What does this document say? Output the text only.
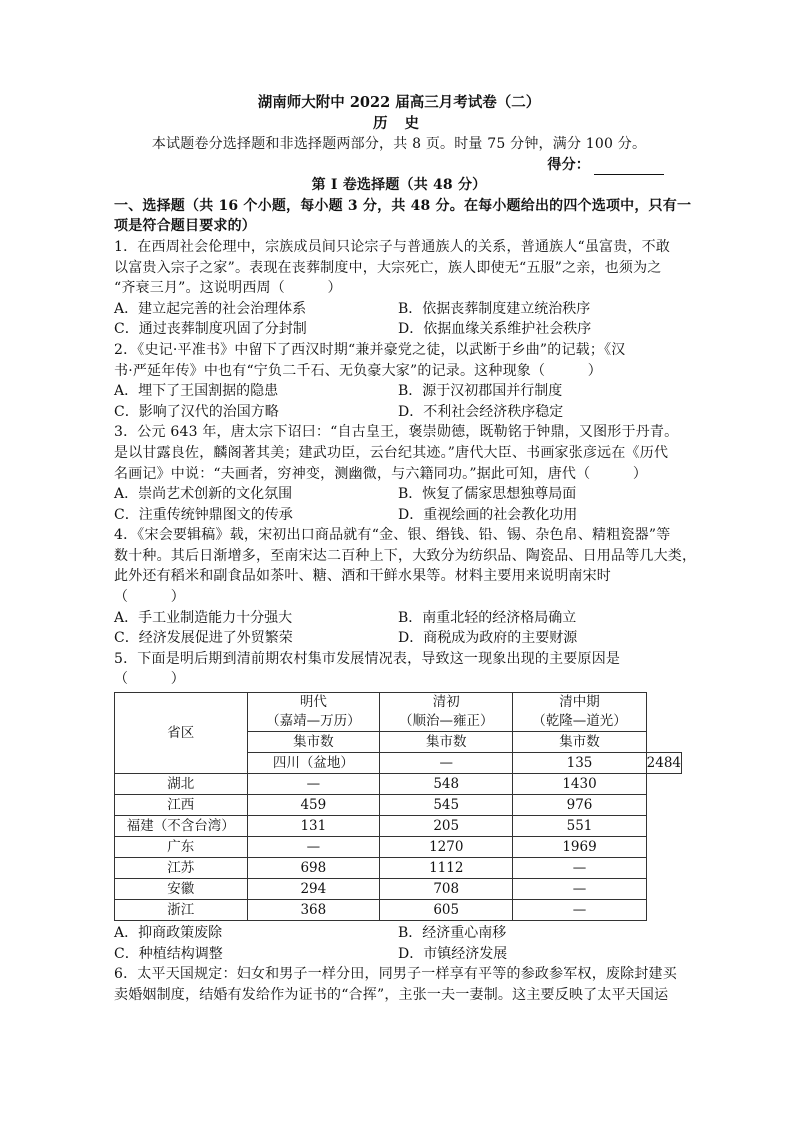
湖南师大附中 2022 届高三月考试卷（二）
历 史
本试题卷分选择题和非选择题两部分，共 8 页。时量 75 分钟，满分 100 分。
得分：
第 I 卷选择题（共 48 分）
一、选择题（共 16 个小题，每小题 3 分，共 48 分。在每小题给出的四个选项中，只有一
项是符合题目要求的）
1．在西周社会伦理中，宗族成员间只论宗子与普通族人的关系，普通族人“虽富贵，不敢
以富贵入宗子之家”。表现在丧葬制度中，大宗死亡，族人即使无“五服”之亲，也须为之
“齐衰三月”。这说明西周（　　　）
A．建立起完善的社会治理体系	B．依据丧葬制度建立统治秩序
C．通过丧葬制度巩固了分封制	D．依据血缘关系维护社会秩序
2．《史记·平准书》中留下了西汉时期“兼并豪党之徒，以武断于乡曲”的记载；《汉
书·严延年传》中也有“宁负二千石、无负豪大家”的记录。这种现象（　　　）
A．埋下了王国割据的隐患	B．源于汉初郡国并行制度
C．影响了汉代的治国方略	D．不利社会经济秩序稳定
3．公元 643 年，唐太宗下诏曰：“自古皇王，褒崇勋德，既勒铭于钟鼎，又图形于丹青。
是以甘露良佐，麟阁著其美；建武功臣，云台纪其迹。”唐代大臣、书画家张彦远在《历代
名画记》中说：“夫画者，穷神变，测幽微，与六籍同功。”据此可知，唐代（　　　）
A．崇尚艺术创新的文化氛围	B．恢复了儒家思想独尊局面
C．注重传统钟鼎图文的传承	D．重视绘画的社会教化功用
4．《宋会要辑稿》载，宋初出口商品就有“金、银、缗钱、铅、锡、杂色帛、精粗瓷器”等
数十种。其后日渐增多，至南宋达二百种上下，大致分为纺织品、陶瓷品、日用品等几大类，
此外还有稻米和副食品如茶叶、糖、酒和干鲜水果等。材料主要用来说明南宋时
（　　　）
A．手工业制造能力十分强大	B．南重北轻的经济格局确立
C．经济发展促进了外贸繁荣	D．商税成为政府的主要财源
5．下面是明后期到清前期农村集市发展情况表，导致这一现象出现的主要原因是
（　　　）
省区	明代
（嘉靖—万历）	清初
（顺治—雍正）	清中期
（乾隆—道光）	
	集市数	集市数	集市数	
	四川（盆地）	—	135	2484
湖北	—	548	1430	
江西	459	545	976	
福建（不含台湾）	131	205	551	
广东	—	1270	1969	
江苏	698	1112	—	
安徽	294	708	—	
浙江	368	605	—	
A．抑商政策废除	B．经济重心南移
C．种植结构调整	D．市镇经济发展
6．太平天国规定：妇女和男子一样分田，同男子一样享有平等的参政参军权，废除封建买
卖婚姻制度，结婚有发给作为证书的“合挥”，主张一夫一妻制。这主要反映了太平天国运
